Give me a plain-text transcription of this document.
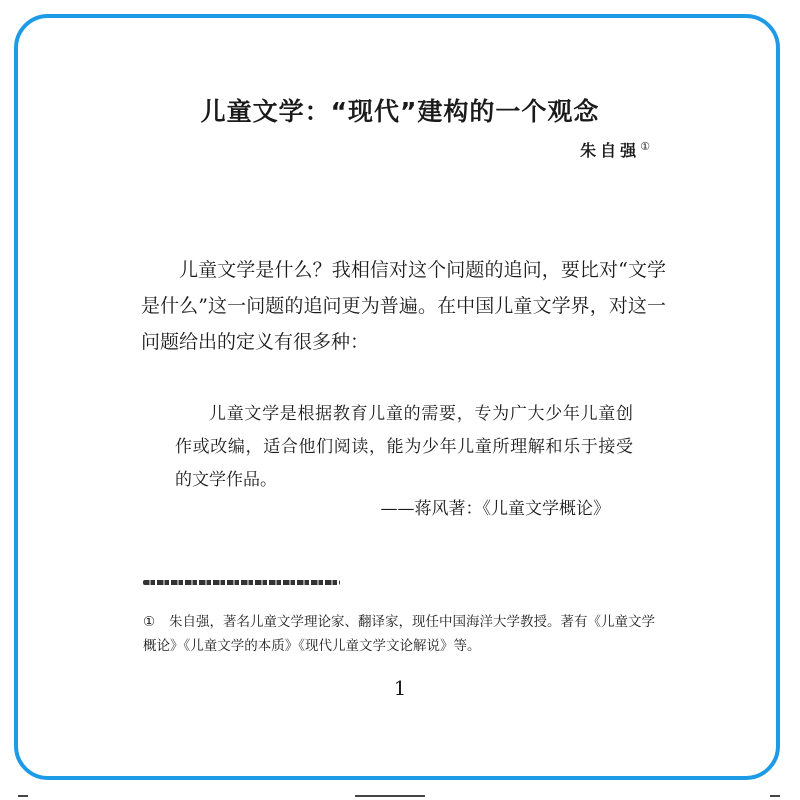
儿童文学：“现代”建构的一个观念
朱自强①

儿童文学是什么？我相信对这个问题的追问，要比对“文学是什么”这一问题的追问更为普遍。在中国儿童文学界，对这一问题给出的定义有很多种：

儿童文学是根据教育儿童的需要，专为广大少年儿童创作或改编，适合他们阅读，能为少年儿童所理解和乐于接受的文学作品。

——蒋风著：《儿童文学概论》
① 朱自强，著名儿童文学理论家、翻译家，现任中国海洋大学教授。著有《儿童文学概论》《儿童文学的本质》《现代儿童文学文论解说》等。
1
